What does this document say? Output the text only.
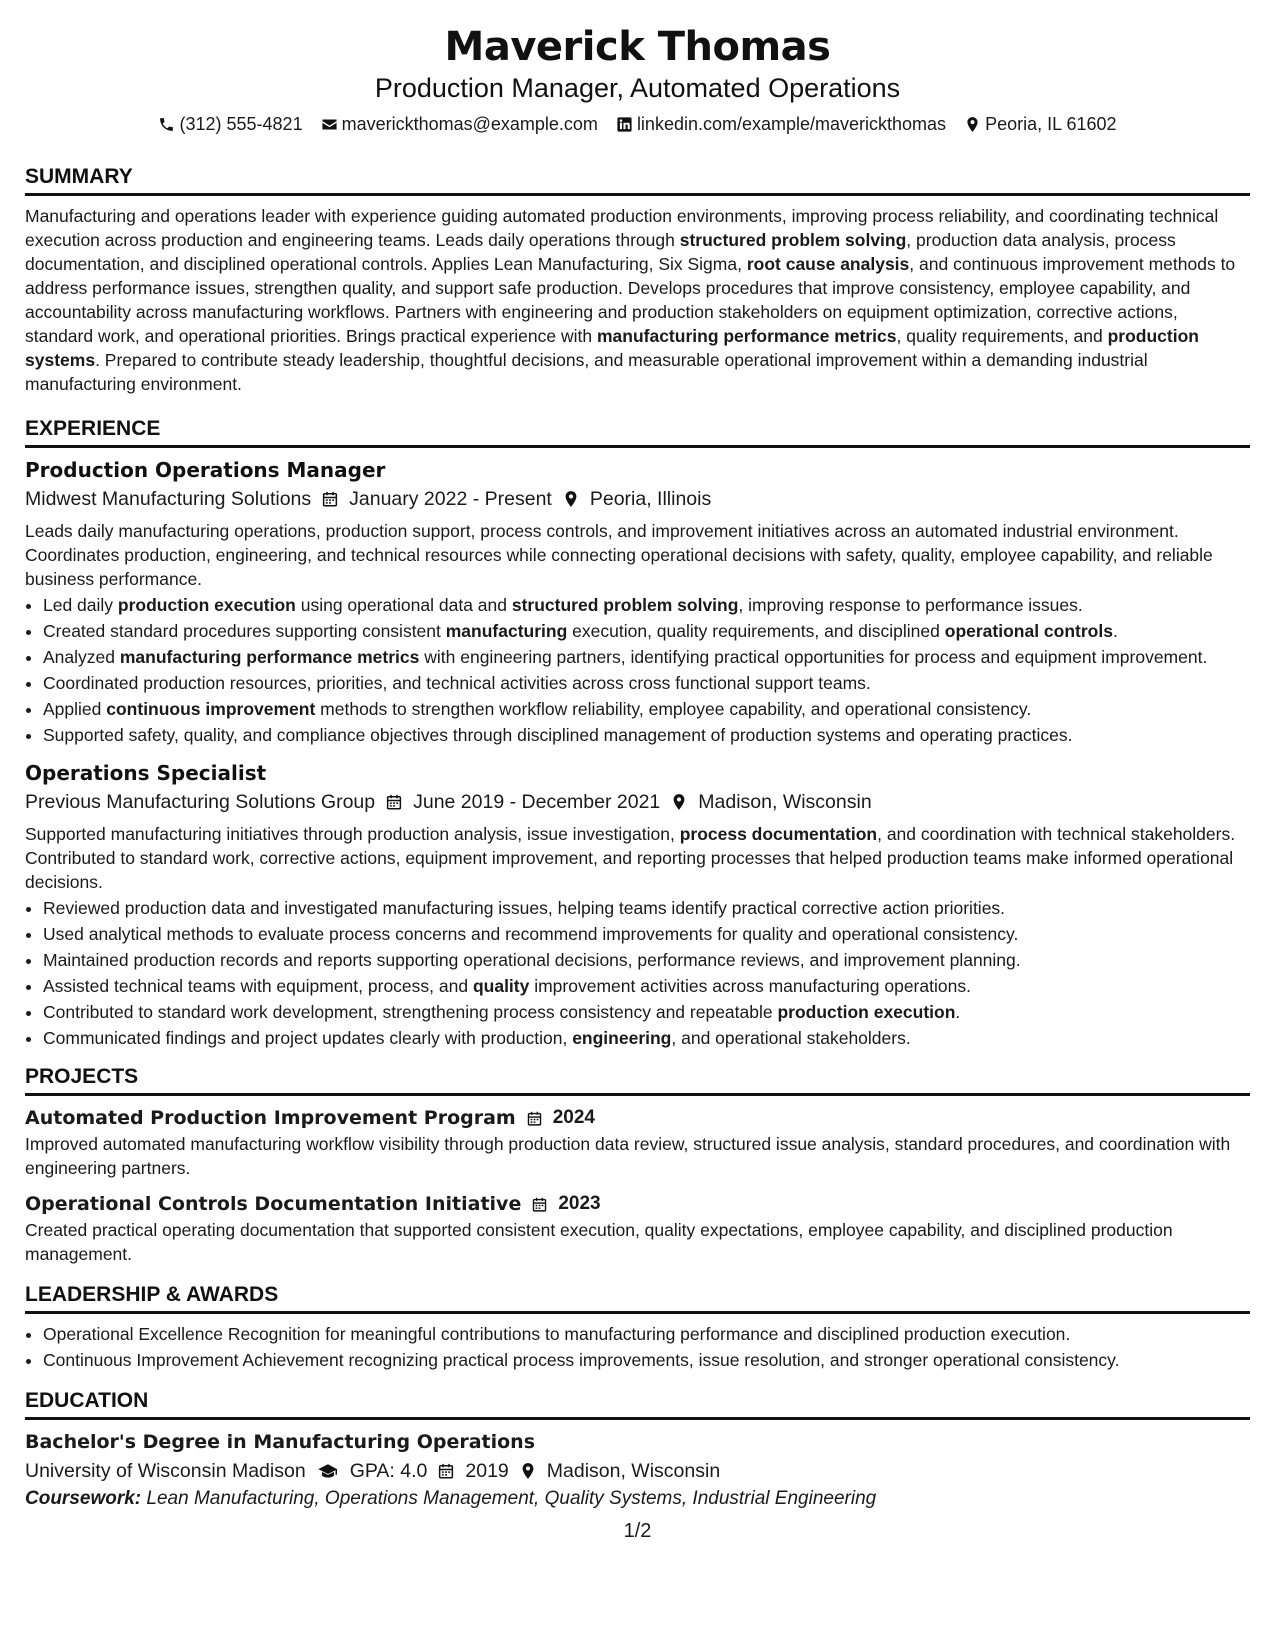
Maverick Thomas
Production Manager, Automated Operations
(312) 555-4821 maverickthomas@example.com linkedin.com/example/maverickthomas Peoria, IL 61602
SUMMARY

Manufacturing and operations leader with experience guiding automated production environments, improving process reliability, and coordinating technical execution across production and engineering teams. Leads daily operations through structured problem solving, production data analysis, process documentation, and disciplined operational controls. Applies Lean Manufacturing, Six Sigma, root cause analysis, and continuous improvement methods to address performance issues, strengthen quality, and support safe production. Develops procedures that improve consistency, employee capability, and accountability across manufacturing workflows. Partners with engineering and production stakeholders on equipment optimization, corrective actions, standard work, and operational priorities. Brings practical experience with manufacturing performance metrics, quality requirements, and production systems. Prepared to contribute steady leadership, thoughtful decisions, and measurable operational improvement within a demanding industrial manufacturing environment.

EXPERIENCE
Production Operations Manager
Midwest Manufacturing Solutions January 2022 - Present Peoria, Illinois

Leads daily manufacturing operations, production support, process controls, and improvement initiatives across an automated industrial environment. Coordinates production, engineering, and technical resources while connecting operational decisions with safety, quality, employee capability, and reliable business performance.

• Led daily production execution using operational data and structured problem solving, improving response to performance issues.
• Created standard procedures supporting consistent manufacturing execution, quality requirements, and disciplined operational controls.
• Analyzed manufacturing performance metrics with engineering partners, identifying practical opportunities for process and equipment improvement.
• Coordinated production resources, priorities, and technical activities across cross functional support teams.
• Applied continuous improvement methods to strengthen workflow reliability, employee capability, and operational consistency.
• Supported safety, quality, and compliance objectives through disciplined management of production systems and operating practices.
Operations Specialist
Previous Manufacturing Solutions Group June 2019 - December 2021 Madison, Wisconsin

Supported manufacturing initiatives through production analysis, issue investigation, process documentation, and coordination with technical stakeholders. Contributed to standard work, corrective actions, equipment improvement, and reporting processes that helped production teams make informed operational decisions.

• Reviewed production data and investigated manufacturing issues, helping teams identify practical corrective action priorities.
• Used analytical methods to evaluate process concerns and recommend improvements for quality and operational consistency.
• Maintained production records and reports supporting operational decisions, performance reviews, and improvement planning.
• Assisted technical teams with equipment, process, and quality improvement activities across manufacturing operations.
• Contributed to standard work development, strengthening process consistency and repeatable production execution.
• Communicated findings and project updates clearly with production, engineering, and operational stakeholders.
PROJECTS
Automated Production Improvement Program 2024

Improved automated manufacturing workflow visibility through production data review, structured issue analysis, standard procedures, and coordination with engineering partners.

Operational Controls Documentation Initiative 2023

Created practical operating documentation that supported consistent execution, quality expectations, employee capability, and disciplined production management.

LEADERSHIP & AWARDS
• Operational Excellence Recognition for meaningful contributions to manufacturing performance and disciplined production execution.
• Continuous Improvement Achievement recognizing practical process improvements, issue resolution, and stronger operational consistency.
EDUCATION
Bachelor's Degree in Manufacturing Operations
University of Wisconsin Madison GPA: 4.0 2019 Madison, Wisconsin
Coursework: Lean Manufacturing, Operations Management, Quality Systems, Industrial Engineering
1/2
